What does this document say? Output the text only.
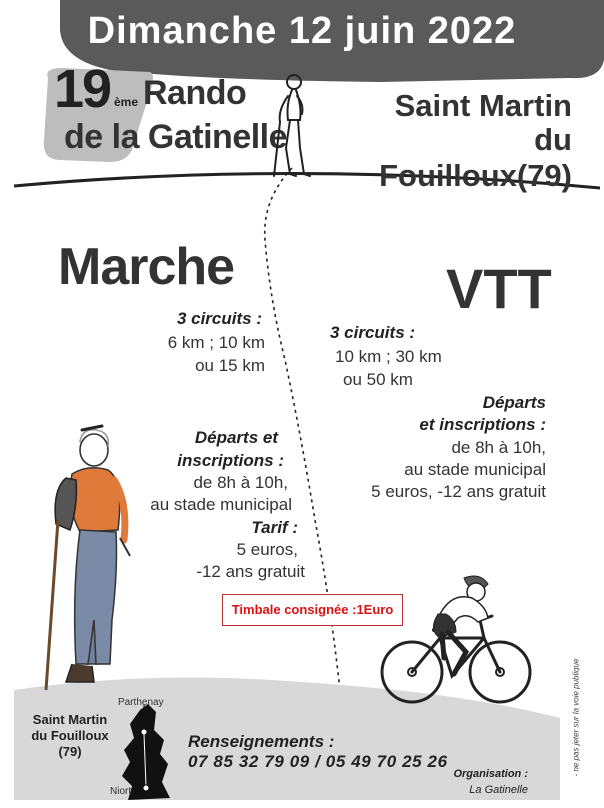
Dimanche 12 juin 2022
19 ème Rando
de la Gatinelle
Saint Martin
du Fouilloux(79)
Marche
3 circuits :
6 km ; 10 km
ou 15 km
Départs et
inscriptions :
de 8h à 10h,
au stade municipal
Tarif :
5 euros,
-12 ans gratuit
VTT
3 circuits :
10 km ; 30 km
ou 50 km
Départs
et inscriptions :
de 8h à 10h,
au stade municipal
5 euros, -12 ans gratuit
Timbale consignée :1Euro
Renseignements :
07 85 32 79 09 / 05 49 70 25 26
Parthenay
Niort
Saint Martin du Fouilloux (79)
Organisation :
La Gatinelle
- ne pas jeter sur la voie publique
